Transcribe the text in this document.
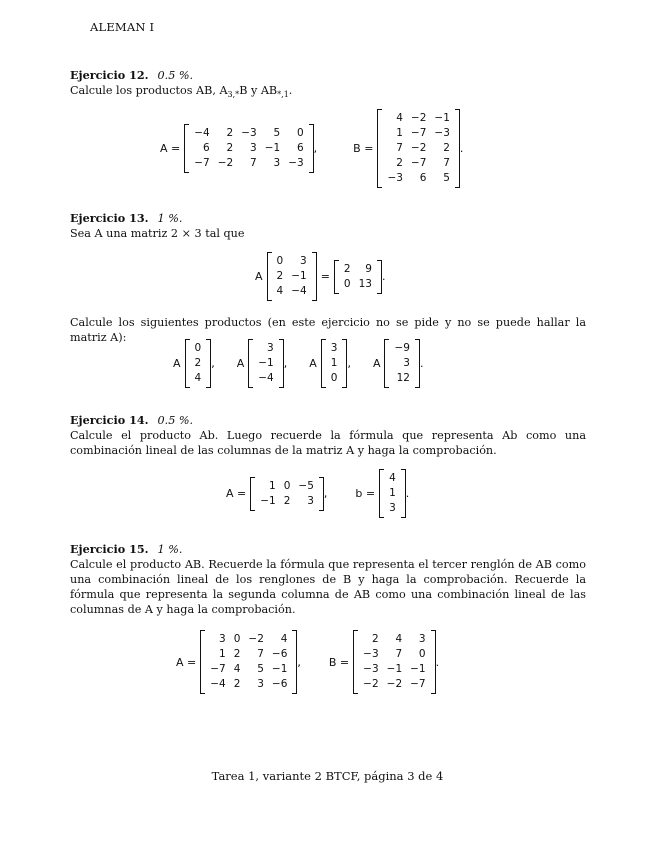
ALEMAN I
Ejercicio 12. 0.5 %.

Calcule los productos AB, $A_{3,*}B$ y $AB_{*,1}$.

A =
−4	2	−3	5	0
6	2	3	−1	6
−7	−2	7	3	−3
,	B =
4	−2	−1
1	−7	−3
7	−2	2
2	−7	7
−3	6	5
.
Ejercicio 13. 1 %.

Sea A una matriz 2 × 3 tal que

A
0	3
2	−1
4	−4
=
2	9
0	13
.

Calcule los siguientes productos (en este ejercicio no se pide y no se puede hallar la matriz A):

A
0
2
4
, A
3
−1
−4
, A
3
1
0
, A
−9
3
12
.
Ejercicio 14. 0.5 %.

Calcule el producto Ab. Luego recuerde la fórmula que representa Ab como una combinación lineal de las columnas de la matriz A y haga la comprobación.

A =
1	0	−5
−1	2	3
,	b =
4
1
3
.
Ejercicio 15. 1 %.

Calcule el producto AB. Recuerde la fórmula que representa el tercer renglón de AB como una combinación lineal de los renglones de B y haga la comprobación. Recuerde la fórmula que representa la segunda columna de AB como una combinación lineal de las columnas de A y haga la comprobación.

A =
3	0	−2	4
1	2	7	−6
−7	4	5	−1
−4	2	3	−6
,	B =
2	4	3
−3	7	0
−3	−1	−1
−2	−2	−7
.
Tarea 1, variante 2 BTCF, página 3 de 4
